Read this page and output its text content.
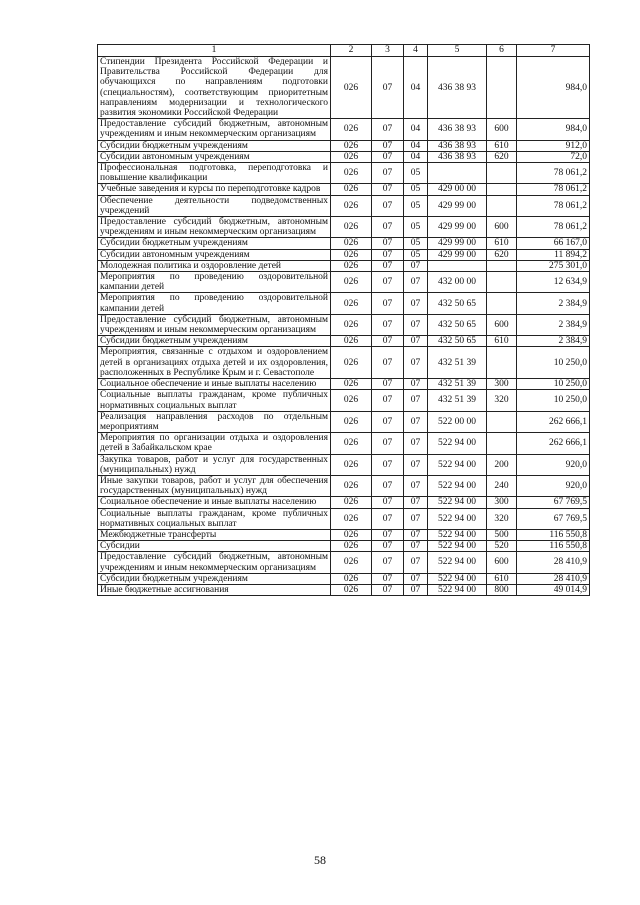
1	2	3	4	5	6	7
Стипендии Президента Российской Федерации и Правительства Российской Федерации для обучающихся по направлениям подготовки (специальностям), соответствующим приоритетным направлениям модернизации и технологического развития экономики Российской Федерации	026	07	04	436 38 93		984,0
Предоставление субсидий бюджетным, автономным учреждениям и иным некоммерческим организациям	026	07	04	436 38 93	600	984,0
Субсидии бюджетным учреждениям	026	07	04	436 38 93	610	912,0
Субсидии автономным учреждениям	026	07	04	436 38 93	620	72,0
Профессиональная подготовка, переподготовка и повышение квалификации	026	07	05			78 061,2
Учебные заведения и курсы по переподготовке кадров	026	07	05	429 00 00		78 061,2
Обеспечение деятельности подведомственных учреждений	026	07	05	429 99 00		78 061,2
Предоставление субсидий бюджетным, автономным учреждениям и иным некоммерческим организациям	026	07	05	429 99 00	600	78 061,2
Субсидии бюджетным учреждениям	026	07	05	429 99 00	610	66 167,0
Субсидии автономным учреждениям	026	07	05	429 99 00	620	11 894,2
Молодежная политика и оздоровление детей	026	07	07			275 301,0
Мероприятия по проведению оздоровительной кампании детей	026	07	07	432 00 00		12 634,9
Мероприятия по проведению оздоровительной кампании детей	026	07	07	432 50 65		2 384,9
Предоставление субсидий бюджетным, автономным учреждениям и иным некоммерческим организациям	026	07	07	432 50 65	600	2 384,9
Субсидии бюджетным учреждениям	026	07	07	432 50 65	610	2 384,9
Мероприятия, связанные с отдыхом и оздоровлением детей в организациях отдыха детей и их оздоровления, расположенных в Республике Крым и г. Севастополе	026	07	07	432 51 39		10 250,0
Социальное обеспечение и иные выплаты населению	026	07	07	432 51 39	300	10 250,0
Социальные выплаты гражданам, кроме публичных нормативных социальных выплат	026	07	07	432 51 39	320	10 250,0
Реализация направления расходов по отдельным мероприятиям	026	07	07	522 00 00		262 666,1
Мероприятия по организации отдыха и оздоровления детей в Забайкальском крае	026	07	07	522 94 00		262 666,1
Закупка товаров, работ и услуг для государственных (муниципальных) нужд	026	07	07	522 94 00	200	920,0
Иные закупки товаров, работ и услуг для обеспечения государственных (муниципальных) нужд	026	07	07	522 94 00	240	920,0
Социальное обеспечение и иные выплаты населению	026	07	07	522 94 00	300	67 769,5
Социальные выплаты гражданам, кроме публичных нормативных социальных выплат	026	07	07	522 94 00	320	67 769,5
Межбюджетные трансферты	026	07	07	522 94 00	500	116 550,8
Субсидии	026	07	07	522 94 00	520	116 550,8
Предоставление субсидий бюджетным, автономным учреждениям и иным некоммерческим организациям	026	07	07	522 94 00	600	28 410,9
Субсидии бюджетным учреждениям	026	07	07	522 94 00	610	28 410,9
Иные бюджетные ассигнования	026	07	07	522 94 00	800	49 014,9
58
